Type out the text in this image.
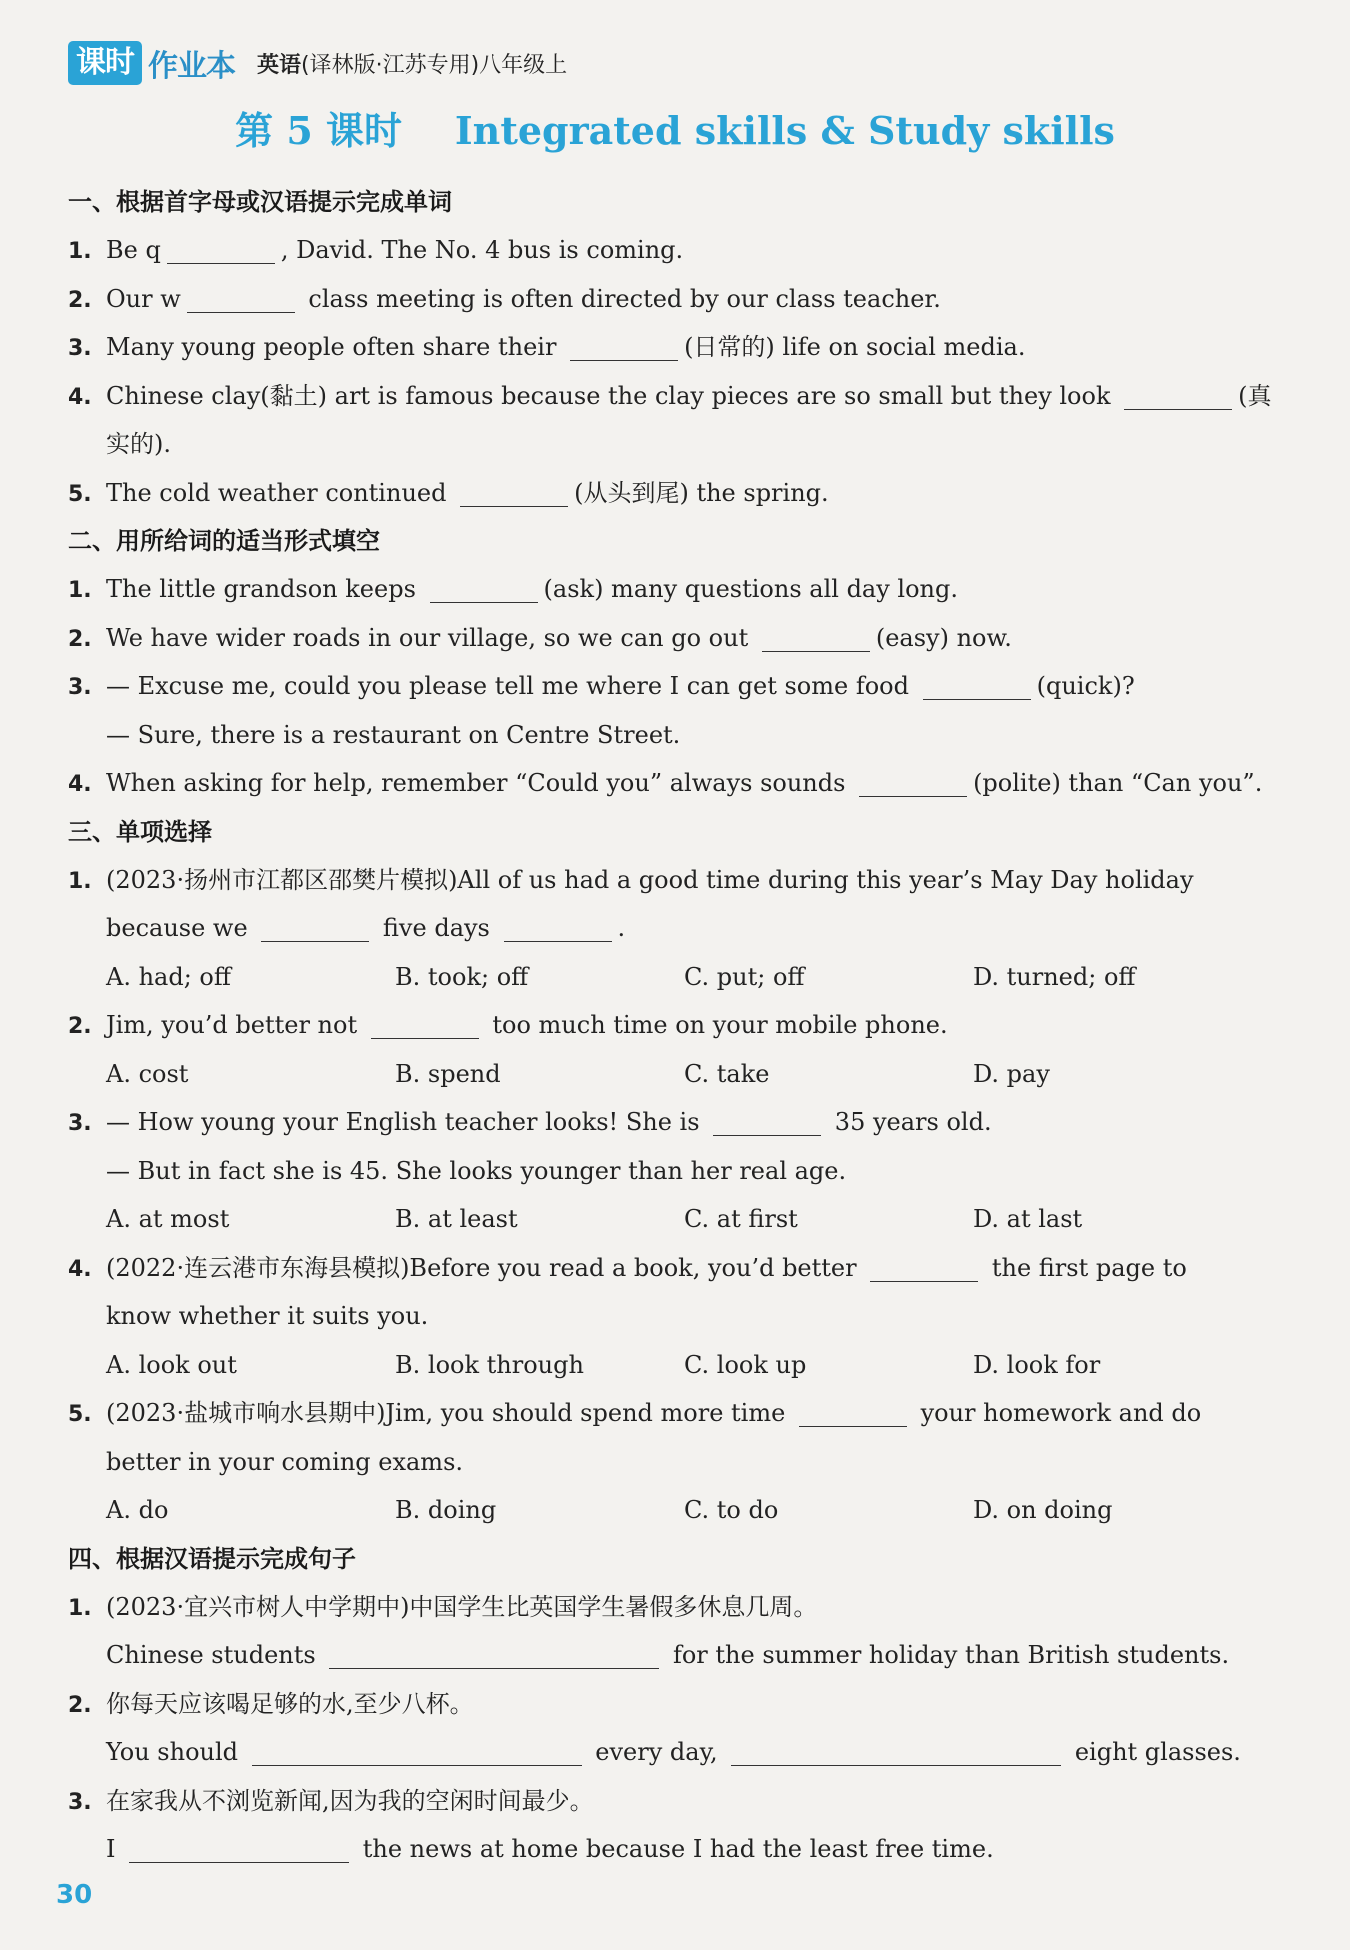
课时 作业本 英语(译林版·江苏专用)八年级上
第 5 课时    Integrated skills & Study skills
一、根据首字母或汉语提示完成单词
1. Be q	, David. The No. 4 bus is coming.
2. Our w	class meeting is often directed by our class teacher.
3. Many young people often share their	(日常的) life on social media.
4. Chinese clay(黏土) art is famous because the clay pieces are so small but they look	(真
实的).
5. The cold weather continued	(从头到尾) the spring.
二、用所给词的适当形式填空
1. The little grandson keeps	(ask) many questions all day long.
2. We have wider roads in our village, so we can go out	(easy) now.
3. — Excuse me, could you please tell me where I can get some food	(quick)?
— Sure, there is a restaurant on Centre Street.
4. When asking for help, remember “Could you” always sounds	(polite) than “Can you”.
三、单项选择
1. (2023·扬州市江都区邵樊片模拟)All of us had a good time during this year’s May Day holiday
because we	five days	.
A. had; off	B. took; off	C. put; off	D. turned; off
2. Jim, you’d better not	too much time on your mobile phone.
A. cost	B. spend	C. take	D. pay
3. — How young your English teacher looks! She is	35 years old.
— But in fact she is 45. She looks younger than her real age.
A. at most	B. at least	C. at first	D. at last
4. (2022·连云港市东海县模拟)Before you read a book, you’d better	the first page to
know whether it suits you.
A. look out	B. look through	C. look up	D. look for
5. (2023·盐城市响水县期中)Jim, you should spend more time	your homework and do
better in your coming exams.
A. do	B. doing	C. to do	D. on doing
四、根据汉语提示完成句子
1. (2023·宜兴市树人中学期中)中国学生比英国学生暑假多休息几周。
Chinese students	for the summer holiday than British students.
2. 你每天应该喝足够的水,至少八杯。
You should	every day,	eight glasses.
3. 在家我从不浏览新闻,因为我的空闲时间最少。
I	the news at home because I had the least free time.
30
